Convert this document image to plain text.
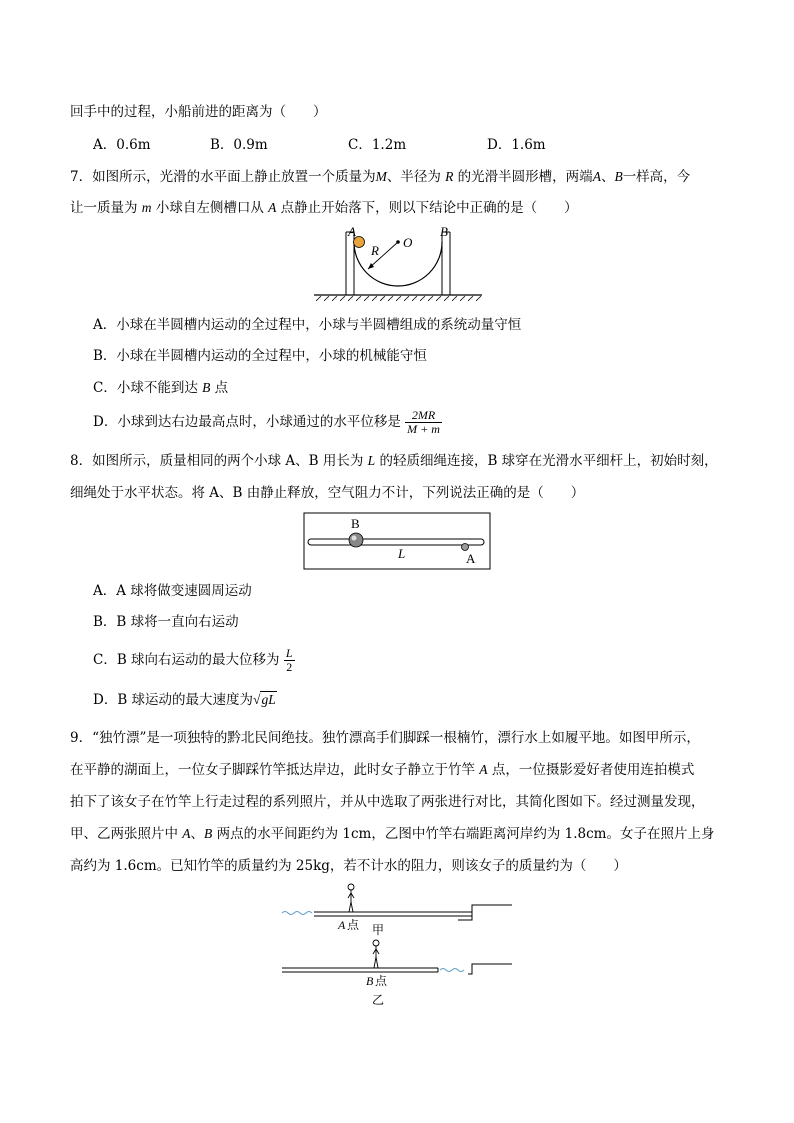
回手中的过程，小船前进的距离为（　　）
A．0.6m	B．0.9m	C．1.2m	D．1.6m
7．如图所示，光滑的水平面上静止放置一个质量为M、半径为 R 的光滑半圆形槽，两端A、B一样高，今
让一质量为 m 小球自左侧槽口从 A 点静止开始落下，则以下结论中正确的是（　　）
A	B
R
O
A．小球在半圆槽内运动的全过程中，小球与半圆槽组成的系统动量守恒
B．小球在半圆槽内运动的全过程中，小球的机械能守恒
C．小球不能到达 B 点
D．小球到达右边最高点时，小球通过的水平位移是 $\frac{2MR}{M + m}$
8．如图所示，质量相同的两个小球 A、B 用长为 L 的轻质细绳连接，B 球穿在光滑水平细杆上，初始时刻，
细绳处于水平状态。将 A、B 由静止释放，空气阻力不计，下列说法正确的是（　　）
B
L	A
A．A 球将做变速圆周运动
B．B 球将一直向右运动
C．B 球向右运动的最大位移为 $\frac{L}{2}$
D．B 球运动的最大速度为√gL
9．“独竹漂”是一项独特的黔北民间绝技。独竹漂高手们脚踩一根楠竹，漂行水上如履平地。如图甲所示，
在平静的湖面上，一位女子脚踩竹竿抵达岸边，此时女子静立于竹竿 A 点，一位摄影爱好者使用连拍模式
拍下了该女子在竹竿上行走过程的系列照片，并从中选取了两张进行对比，其简化图如下。经过测量发现，
甲、乙两张照片中 A、B 两点的水平间距约为 1cm，乙图中竹竿右端距离河岸约为 1.8cm。女子在照片上身
高约为 1.6cm。已知竹竿的质量约为 25kg，若不计水的阻力，则该女子的质量约为（　　）
A 点 甲
B 点
乙
